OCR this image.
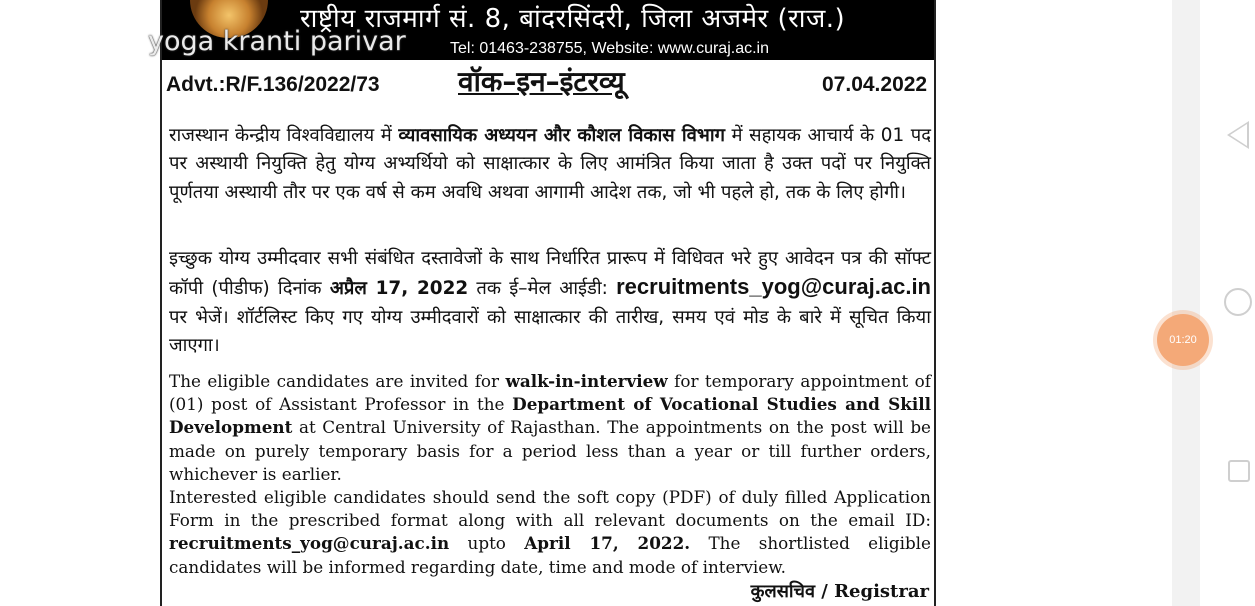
राष्ट्रीय राजमार्ग सं. 8, बांदरसिंदरी, जिला अजमेर (राज.)
Tel: 01463-238755, Website: www.curaj.ac.in
yoga kranti parivar
Advt.:R/F.136/2022/73	वॉक–इन–इंटरव्यू	07.04.2022
राजस्थान केन्द्रीय विश्वविद्यालय में व्यावसायिक अध्ययन और कौशल विकास विभाग में सहायक आचार्य के 01 पद पर अस्थायी नियुक्ति हेतु योग्य अभ्यर्थियो को साक्षात्कार के लिए आमंत्रित किया जाता है उक्त पदों पर नियुक्ति पूर्णतया अस्थायी तौर पर एक वर्ष से कम अवधि अथवा आगामी आदेश तक, जो भी पहले हो, तक के लिए होगी।
इच्छुक योग्य उम्मीदवार सभी संबंधित दस्तावेजों के साथ निर्धारित प्रारूप में विधिवत भरे हुए आवेदन पत्र की सॉफ्ट कॉपी (पीडीफ) दिनांक अप्रैल 17, 2022 तक ई–मेल आईडी: recruitments_yog@curaj.ac.in पर भेजें। शॉर्टलिस्ट किए गए योग्य उम्मीदवारों को साक्षात्कार की तारीख, समय एवं मोड के बारे में सूचित किया जाएगा।
The eligible candidates are invited for walk-in-interview for temporary appointment of (01) post of Assistant Professor in the Department of Vocational Studies and Skill Development at Central University of Rajasthan. The appointments on the post will be made on purely temporary basis for a period less than a year or till further orders, whichever is earlier.
Interested eligible candidates should send the soft copy (PDF) of duly filled Application Form in the prescribed format along with all relevant documents on the email ID: recruitments_yog@curaj.ac.in upto April 17, 2022. The shortlisted eligible candidates will be informed regarding date, time and mode of interview.
कुलसचिव / Registrar
01:20
